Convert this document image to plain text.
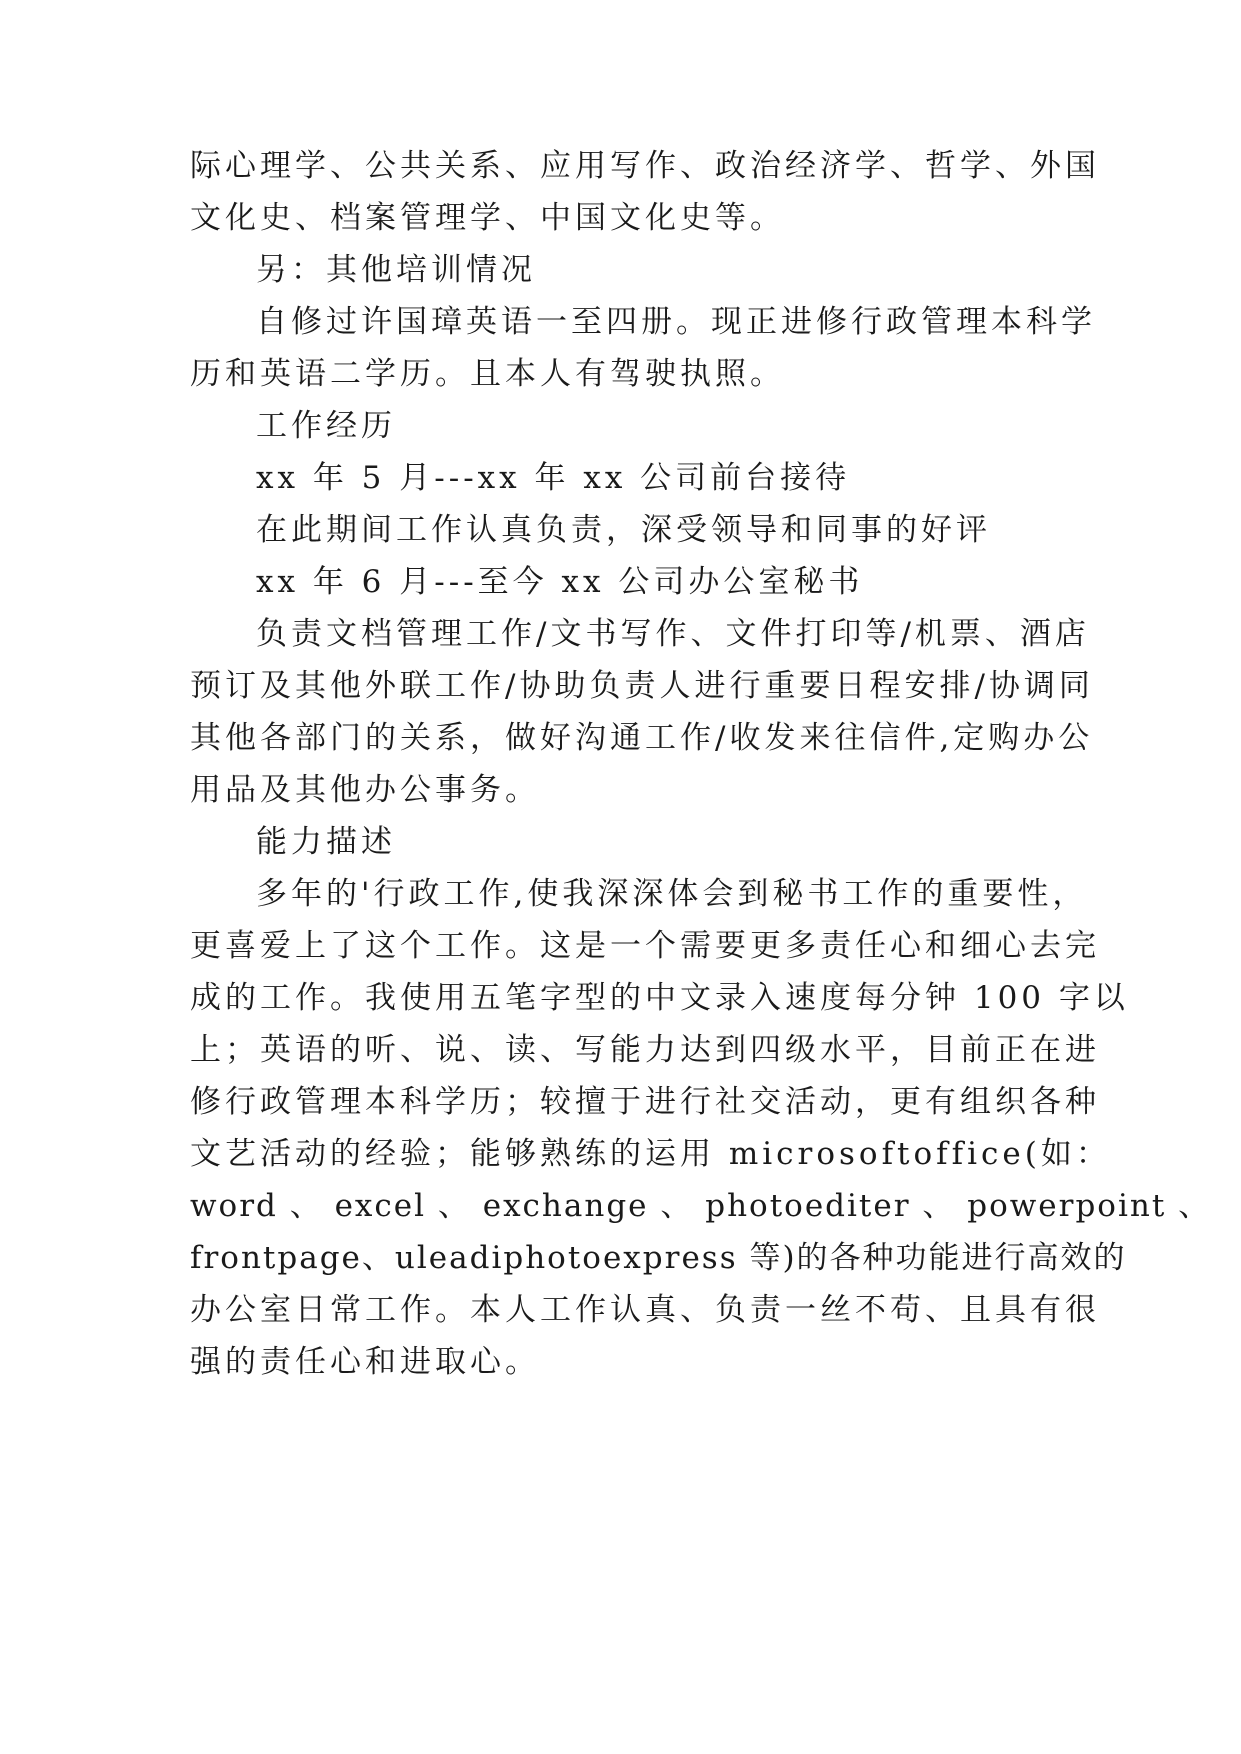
际心理学、公共关系、应用写作、政治经济学、哲学、外国
文化史、档案管理学、中国文化史等。
另：其他培训情况
自修过许国璋英语一至四册。现正进修行政管理本科学
历和英语二学历。且本人有驾驶执照。
工作经历
xx 年 5 月---xx 年 xx 公司前台接待
在此期间工作认真负责，深受领导和同事的好评
xx 年 6 月---至今 xx 公司办公室秘书
负责文档管理工作/文书写作、文件打印等/机票、酒店
预订及其他外联工作/协助负责人进行重要日程安排/协调同
其他各部门的关系，做好沟通工作/收发来往信件,定购办公
用品及其他办公事务。
能力描述
多年的'行政工作,使我深深体会到秘书工作的重要性，
更喜爱上了这个工作。这是一个需要更多责任心和细心去完
成的工作。我使用五笔字型的中文录入速度每分钟 100 字以
上；英语的听、说、读、写能力达到四级水平，目前正在进
修行政管理本科学历；较擅于进行社交活动，更有组织各种
文艺活动的经验；能够熟练的运用 microsoftoffice(如：
word 、 excel 、 exchange 、 photoediter 、 powerpoint 、
frontpage、uleadiphotoexpress 等)的各种功能进行高效的
办公室日常工作。本人工作认真、负责一丝不苟、且具有很
强的责任心和进取心。
